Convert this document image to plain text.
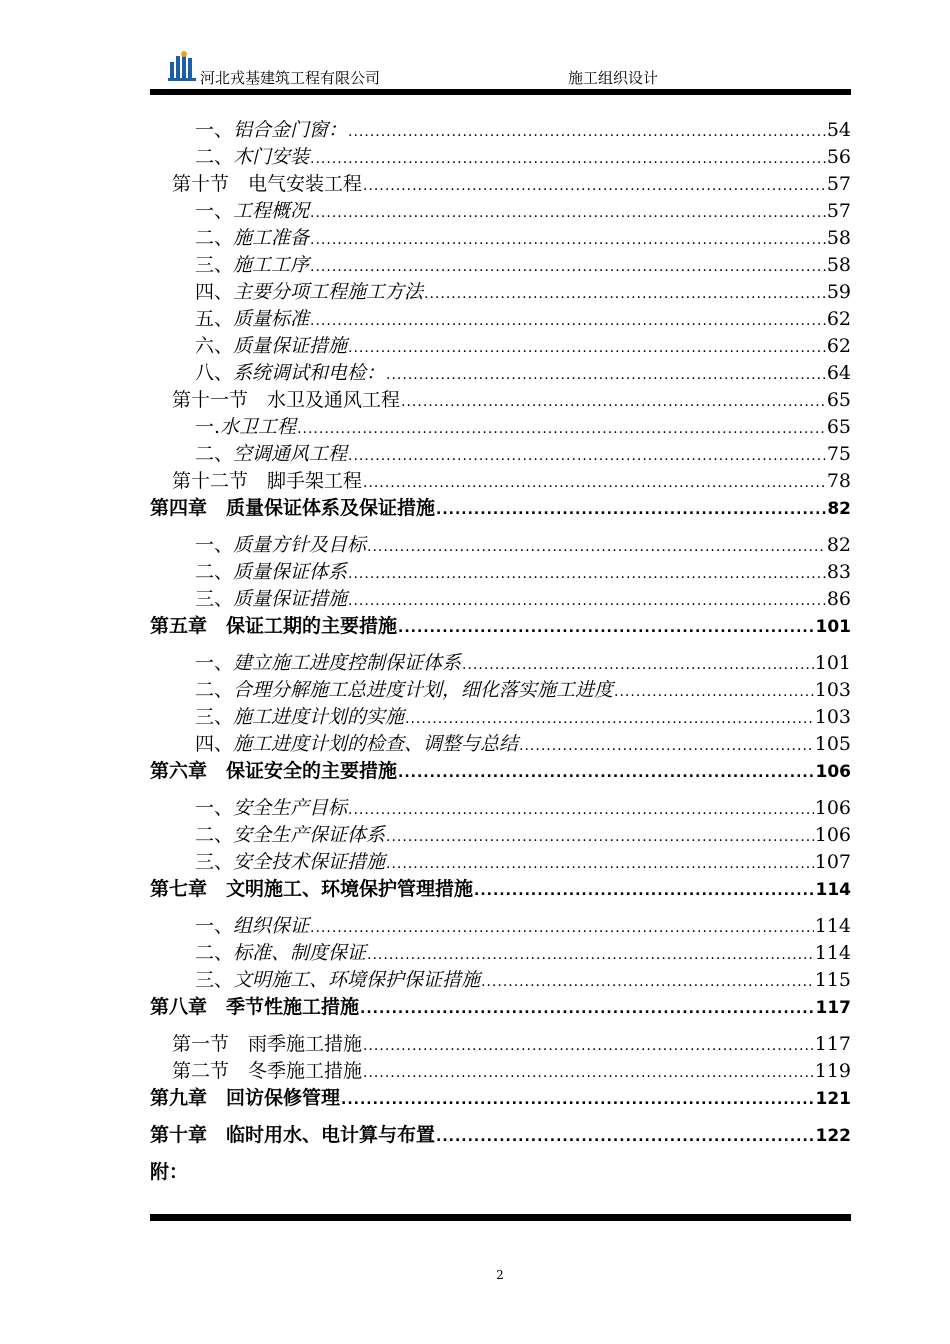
河北戎基建筑工程有限公司	施工组织设计
一、铝合金门窗： .....	54
二、木门安装 .....	56
第十节　电气安装工程 .....	57
一、工程概况 .....	57
二、施工准备 .....	58
三、施工工序 .....	58
四、主要分项工程施工方法 .....	59
五、质量标准 .....	62
六、质量保证措施 .....	62
八、系统调试和电检： .....	64
第十一节　水卫及通风工程 .....	65
一.水卫工程 .....	65
二、空调通风工程 .....	75
第十二节　脚手架工程 .....	78
第四章　质量保证体系及保证措施 .....	82
一、质量方针及目标 .....	82
二、质量保证体系 .....	83
三、质量保证措施 .....	86
第五章　保证工期的主要措施 .....	101
一、建立施工进度控制保证体系 .....	101
二、合理分解施工总进度计划，细化落实施工进度 .....	103
三、施工进度计划的实施 .....	103
四、施工进度计划的检查、调整与总结 .....	105
第六章　保证安全的主要措施 .....	106
一、安全生产目标 .....	106
二、安全生产保证体系 .....	106
三、安全技术保证措施 .....	107
第七章　文明施工、环境保护管理措施 .....	114
一、组织保证 .....	114
二、标准、制度保证 .....	114
三、文明施工、环境保护保证措施 .....	115
第八章　季节性施工措施 .....	117
第一节　雨季施工措施 .....	117
第二节　冬季施工措施 .....	119
第九章　回访保修管理 .....	121
第十章　临时用水、电计算与布置 .....	122
附：
2
